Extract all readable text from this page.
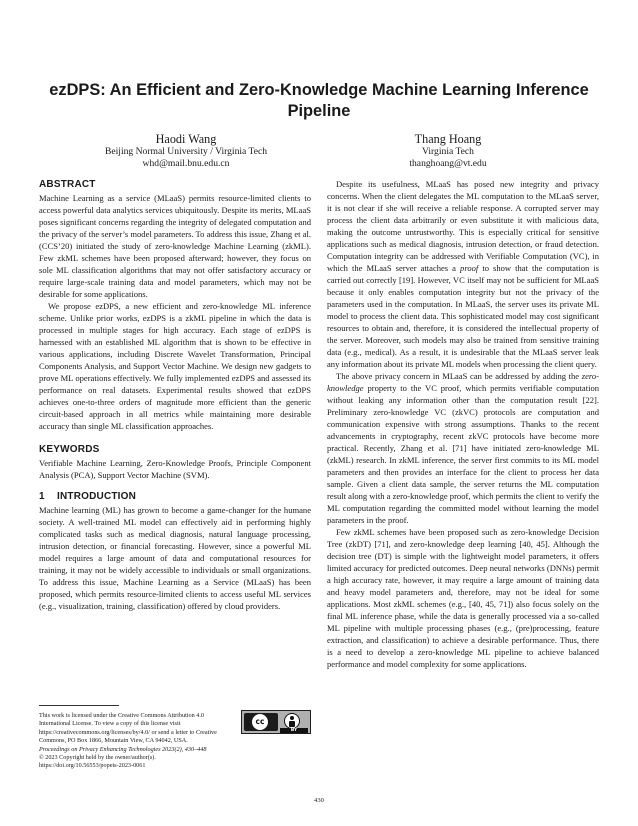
ezDPS: An Efficient and Zero-Knowledge Machine Learning Inference Pipeline
Haodi Wang
Beijing Normal University / Virginia Tech
whd@mail.bnu.edu.cn
Thang Hoang
Virginia Tech
thanghoang@vt.edu
ABSTRACT

Machine Learning as a service (MLaaS) permits resource-limited clients to access powerful data analytics services ubiquitously. Despite its merits, MLaaS poses significant concerns regarding the integrity of delegated computation and the privacy of the server’s model parameters. To address this issue, Zhang et al. (CCS’20) initiated the study of zero-knowledge Machine Learning (zkML). Few zkML schemes have been proposed afterward; however, they focus on sole ML classification algorithms that may not offer satisfactory accuracy or require large-scale training data and model parameters, which may not be desirable for some applications.

We propose ezDPS, a new efficient and zero-knowledge ML inference scheme. Unlike prior works, ezDPS is a zkML pipeline in which the data is processed in multiple stages for high accuracy. Each stage of ezDPS is harnessed with an established ML algorithm that is shown to be effective in various applications, including Discrete Wavelet Transformation, Principal Components Analysis, and Support Vector Machine. We design new gadgets to prove ML operations effectively. We fully implemented ezDPS and assessed its performance on real datasets. Experimental results showed that ezDPS achieves one-to-three orders of magnitude more efficient than the generic circuit-based approach in all metrics while maintaining more desirable accuracy than single ML classification approaches.

KEYWORDS

Verifiable Machine Learning, Zero-Knowledge Proofs, Principle Component Analysis (PCA), Support Vector Machine (SVM).

1 INTRODUCTION

Machine learning (ML) has grown to become a game-changer for the humane society. A well-trained ML model can effectively aid in performing highly complicated tasks such as medical diagnosis, natural language processing, intrusion detection, or financial forecasting. However, since a powerful ML model requires a large amount of data and computational resources for training, it may not be widely accessible to individuals or small organizations. To address this issue, Machine Learning as a Service (MLaaS) has been proposed, which permits resource-limited clients to access useful ML services (e.g., visualization, training, classification) offered by cloud providers.

Despite its usefulness, MLaaS has posed new integrity and privacy concerns. When the client delegates the ML computation to the MLaaS server, it is not clear if she will receive a reliable response. A corrupted server may process the client data arbitrarily or even substitute it with malicious data, making the outcome untrustworthy. This is especially critical for sensitive applications such as medical diagnosis, intrusion detection, or fraud detection. Computation integrity can be addressed with Verifiable Computation (VC), in which the MLaaS server attaches a proof to show that the computation is carried out correctly [19]. However, VC itself may not be sufficient for MLaaS because it only enables computation integrity but not the privacy of the parameters used in the computation. In MLaaS, the server uses its private ML model to process the client data. This sophisticated model may cost significant resources to obtain and, therefore, it is considered the intellectual property of the server. Moreover, such models may also be trained from sensitive training data (e.g., medical). As a result, it is undesirable that the MLaaS server leak any information about its private ML models when processing the client query.

The above privacy concern in MLaaS can be addressed by adding the zero-knowledge property to the VC proof, which permits verifiable computation without leaking any information other than the computation result [22]. Preliminary zero-knowledge VC (zkVC) protocols are computation and communication expensive with strong assumptions. Thanks to the recent advancements in cryptography, recent zkVC protocols have become more practical. Recently, Zhang et al. [71] have initiated zero-knowledge ML (zkML) research. In zkML inference, the server first commits to its ML model parameters and then provides an interface for the client to process her data sample. Given a client data sample, the server returns the ML computation result along with a zero-knowledge proof, which permits the client to verify the ML computation regarding the committed model without learning the model parameters in the proof.

Few zkML schemes have been proposed such as zero-knowledge Decision Tree (zkDT) [71], and zero-knowledge deep learning [40, 45]. Although the decision tree (DT) is simple with the lightweight model parameters, it offers limited accuracy for predicted outcomes. Deep neural networks (DNNs) permit a high accuracy rate, however, it may require a large amount of training data and heavy model parameters and, therefore, may not be ideal for some applications. Most zkML schemes (e.g., [40, 45, 71]) also focus solely on the final ML inference phase, while the data is generally processed via a so-called ML pipeline with multiple processing phases (e.g., (pre)processing, feature extraction, and classification) to achieve a desirable performance. Thus, there is a need to develop a zero-knowledge ML pipeline to achieve balanced performance and model complexity for some applications.

This work is licensed under the Creative Commons Attribution 4.0 International License. To view a copy of this license visit https://creativecommons.org/licenses/by/4.0/ or send a letter to Creative Commons, PO Box 1866, Mountain View, CA 94042, USA.
Proceedings on Privacy Enhancing Technologies 2023(2), 430–448
© 2023 Copyright held by the owner/author(s).
https://doi.org/10.56553/popets-2023-0061
cc
BY
430
